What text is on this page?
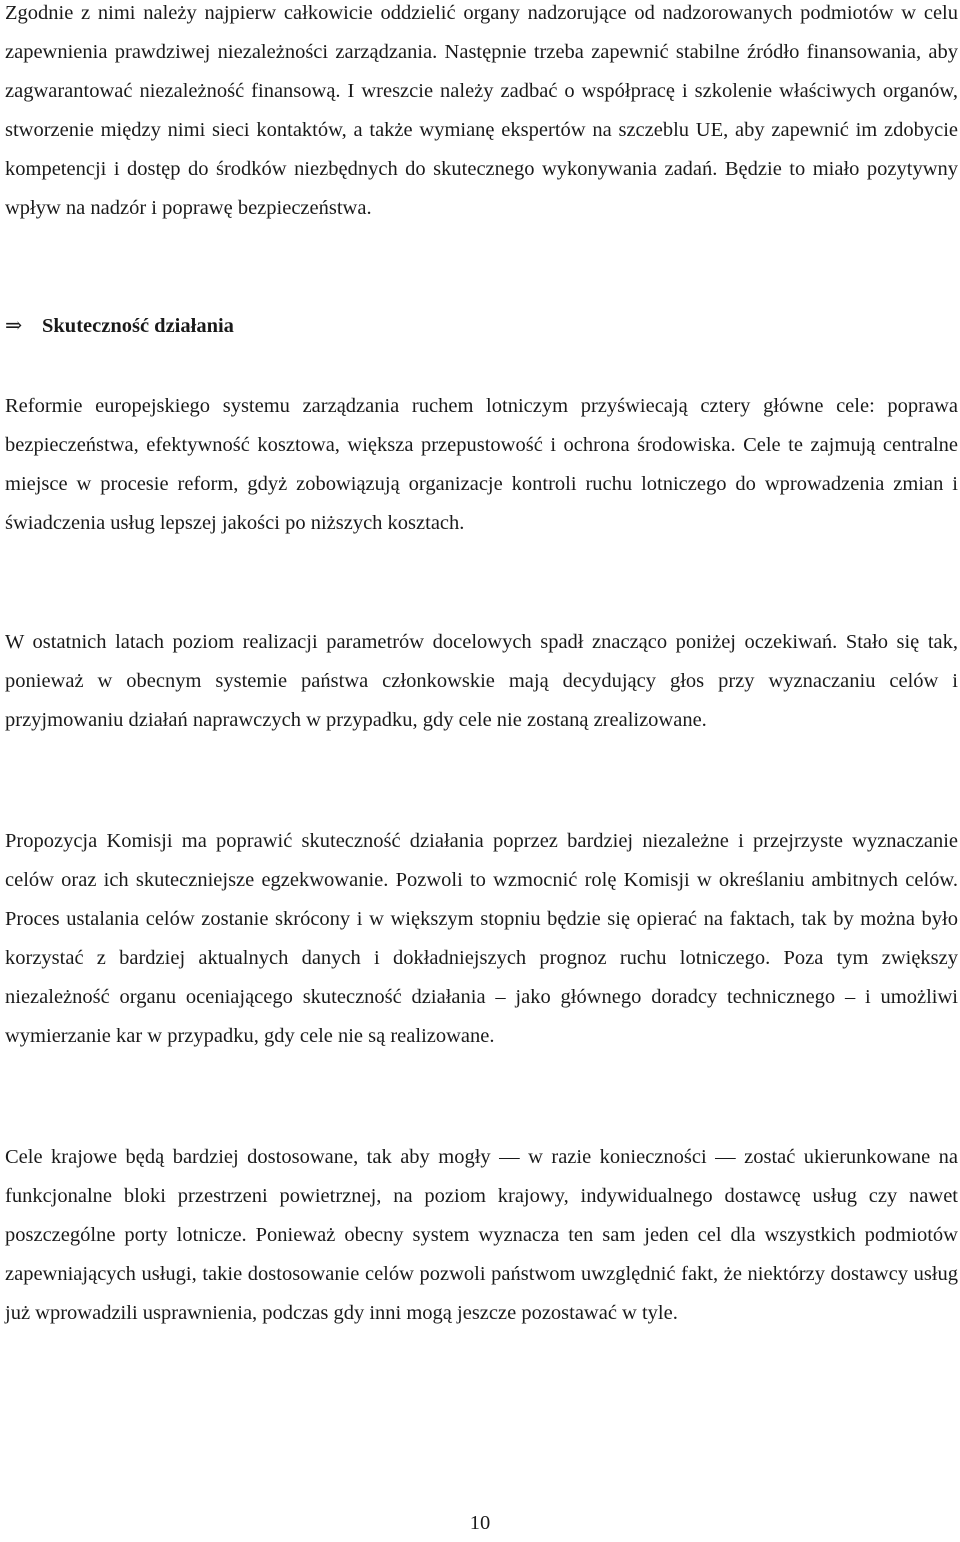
Zgodnie z nimi należy najpierw całkowicie oddzielić organy nadzorujące od nadzorowanych podmiotów w celu zapewnienia prawdziwej niezależności zarządzania. Następnie trzeba zapewnić stabilne źródło finansowania, aby zagwarantować niezależność finansową. I wreszcie należy zadbać o współpracę i szkolenie właściwych organów, stworzenie między nimi sieci kontaktów, a także wymianę ekspertów na szczeblu UE, aby zapewnić im zdobycie kompetencji i dostęp do środków niezbędnych do skutecznego wykonywania zadań. Będzie to miało pozytywny wpływ na nadzór i poprawę bezpieczeństwa.

⇒ Skuteczność działania

Reformie europejskiego systemu zarządzania ruchem lotniczym przyświecają cztery główne cele: poprawa bezpieczeństwa, efektywność kosztowa, większa przepustowość i ochrona środowiska. Cele te zajmują centralne miejsce w procesie reform, gdyż zobowiązują organizacje kontroli ruchu lotniczego do wprowadzenia zmian i świadczenia usług lepszej jakości po niższych kosztach.

W ostatnich latach poziom realizacji parametrów docelowych spadł znacząco poniżej oczekiwań. Stało się tak, ponieważ w obecnym systemie państwa członkowskie mają decydujący głos przy wyznaczaniu celów i przyjmowaniu działań naprawczych w przypadku, gdy cele nie zostaną zrealizowane.

Propozycja Komisji ma poprawić skuteczność działania poprzez bardziej niezależne i przejrzyste wyznaczanie celów oraz ich skuteczniejsze egzekwowanie. Pozwoli to wzmocnić rolę Komisji w określaniu ambitnych celów. Proces ustalania celów zostanie skrócony i w większym stopniu będzie się opierać na faktach, tak by można było korzystać z bardziej aktualnych danych i dokładniejszych prognoz ruchu lotniczego. Poza tym zwiększy niezależność organu oceniającego skuteczność działania – jako głównego doradcy technicznego – i umożliwi wymierzanie kar w przypadku, gdy cele nie są realizowane.

Cele krajowe będą bardziej dostosowane, tak aby mogły — w razie konieczności — zostać ukierunkowane na funkcjonalne bloki przestrzeni powietrznej, na poziom krajowy, indywidualnego dostawcę usług czy nawet poszczególne porty lotnicze. Ponieważ obecny system wyznacza ten sam jeden cel dla wszystkich podmiotów zapewniających usługi, takie dostosowanie celów pozwoli państwom uwzględnić fakt, że niektórzy dostawcy usług już wprowadzili usprawnienia, podczas gdy inni mogą jeszcze pozostawać w tyle.

10
